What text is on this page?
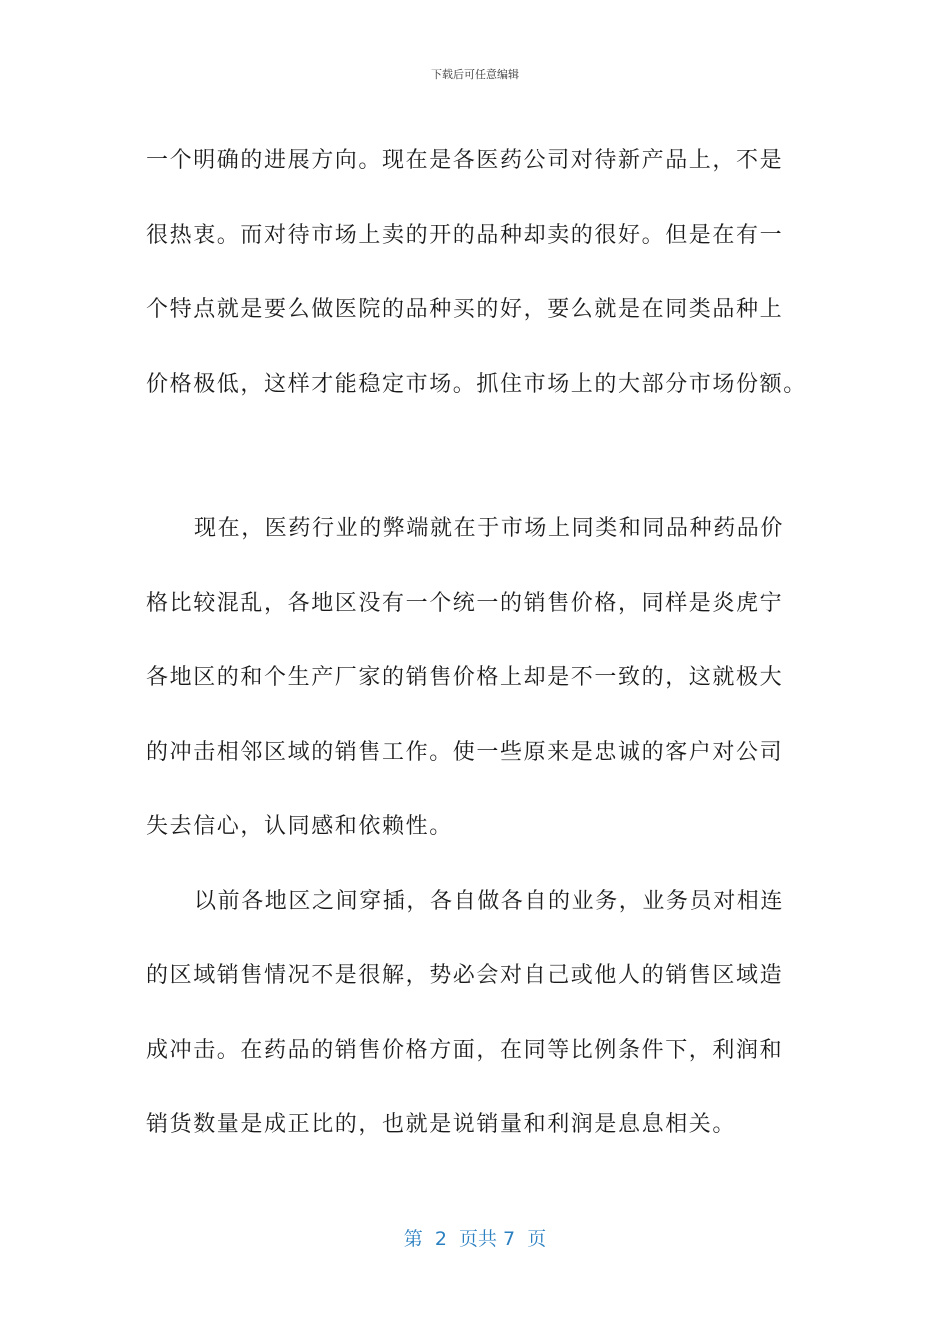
下载后可任意编辑

一个明确的进展方向。现在是各医药公司对待新产品上，不是
很热衷。而对待市场上卖的开的品种却卖的很好。但是在有一
个特点就是要么做医院的品种买的好，要么就是在同类品种上
价格极低，这样才能稳定市场。抓住市场上的大部分市场份额。

现在，医药行业的弊端就在于市场上同类和同品种药品价
格比较混乱，各地区没有一个统一的销售价格，同样是炎虎宁
各地区的和个生产厂家的销售价格上却是不一致的，这就极大
的冲击相邻区域的销售工作。使一些原来是忠诚的客户对公司
失去信心，认同感和依赖性。

以前各地区之间穿插，各自做各自的业务，业务员对相连
的区域销售情况不是很解，势必会对自己或他人的销售区域造
成冲击。在药品的销售价格方面，在同等比例条件下，利润和
销货数量是成正比的，也就是说销量和利润是息息相关。

第  2  页共 7  页
